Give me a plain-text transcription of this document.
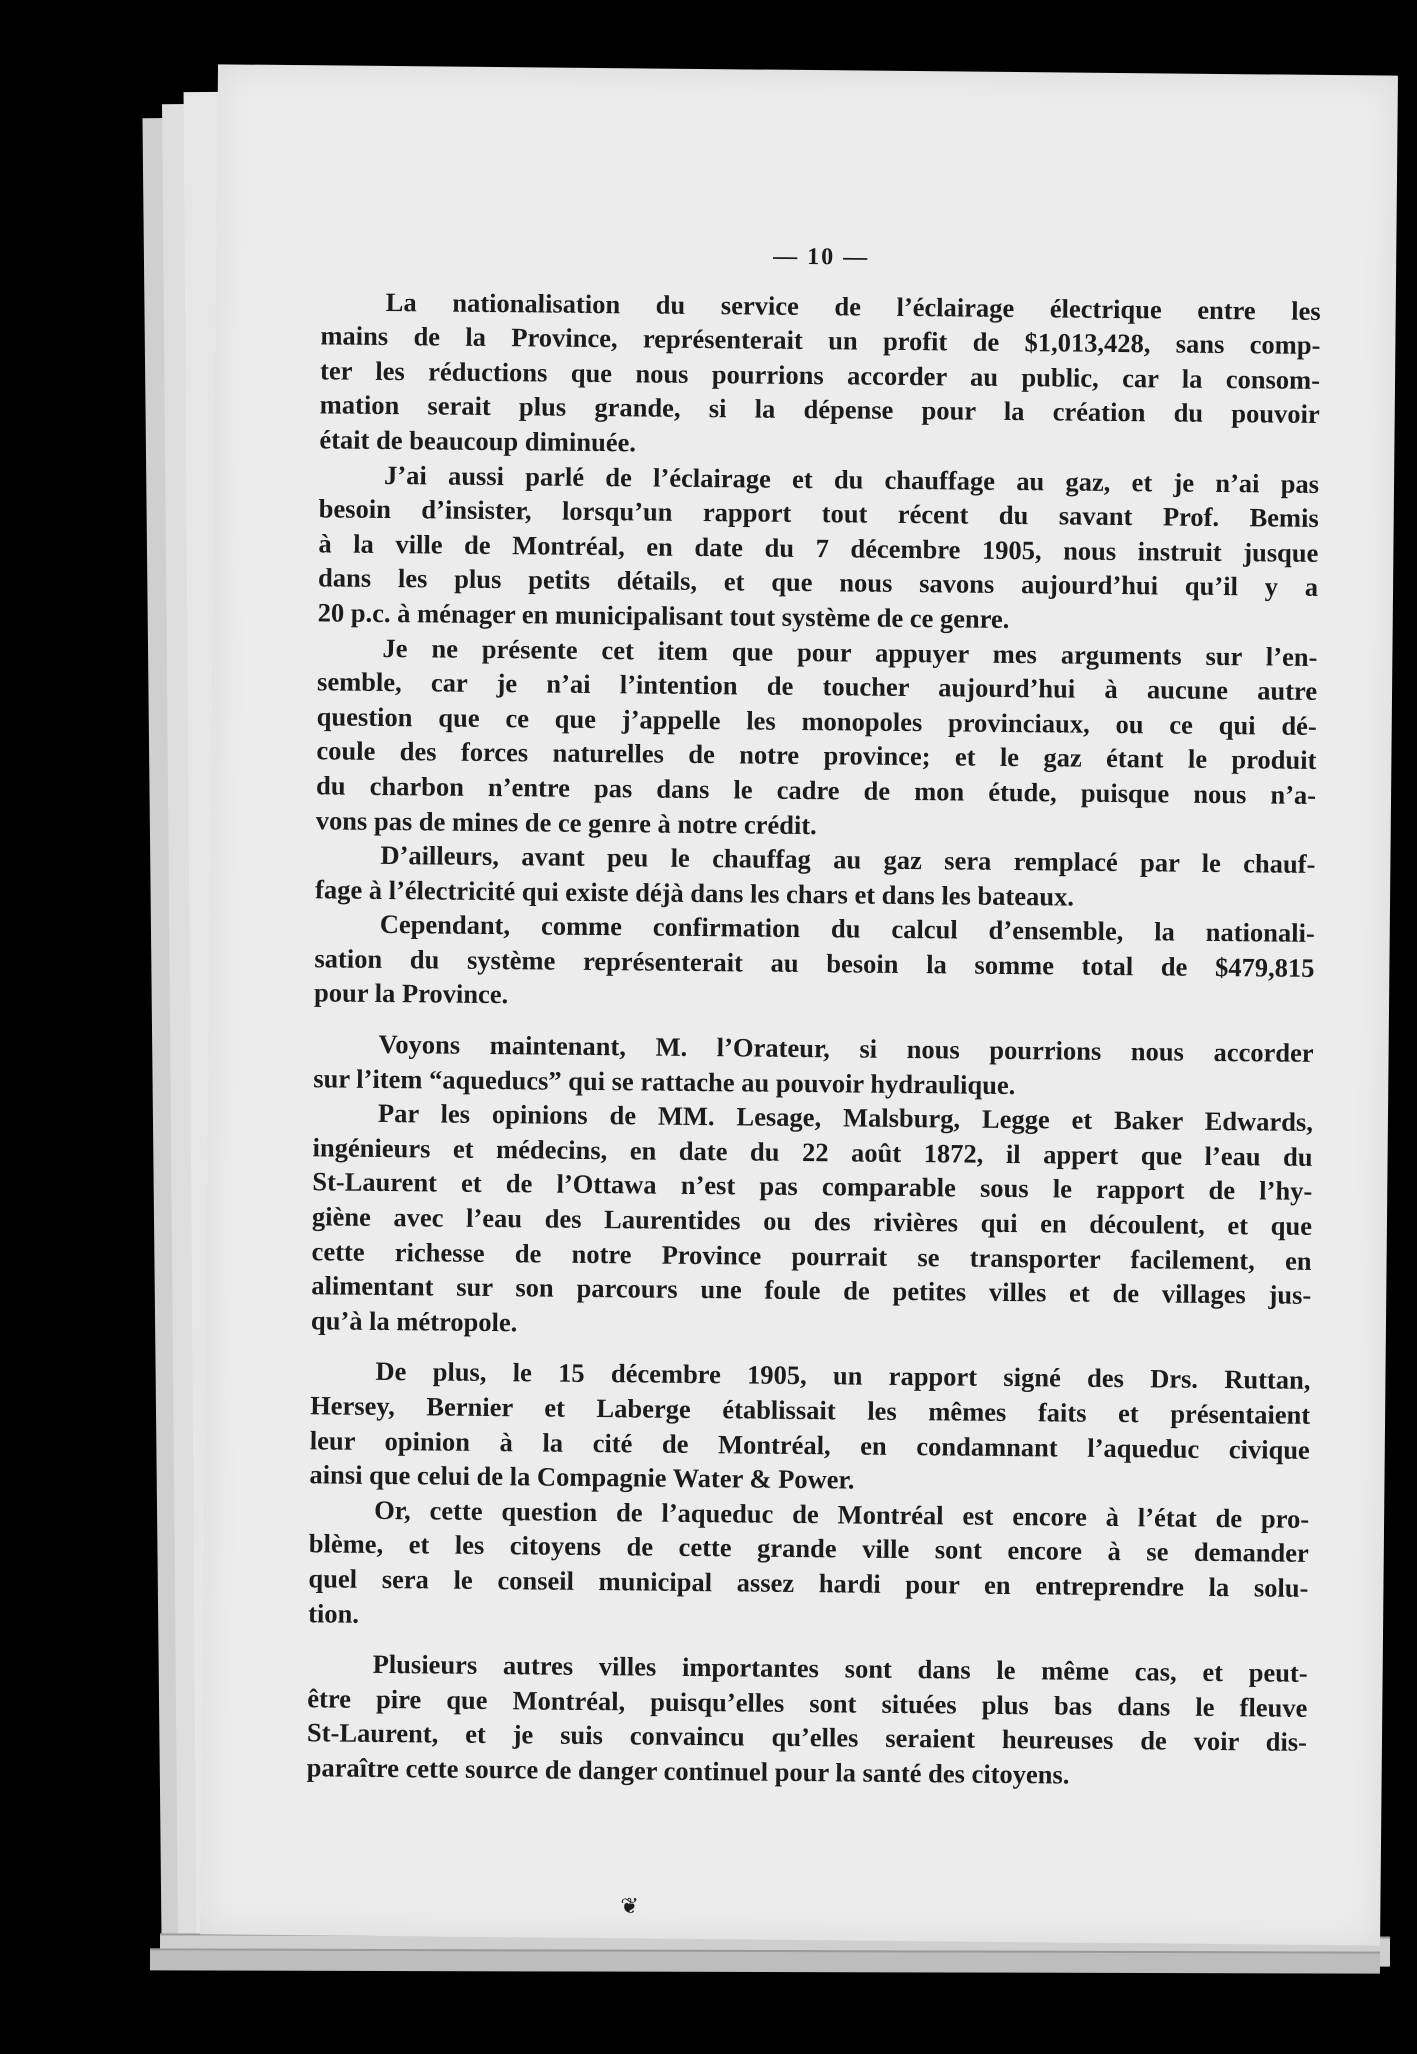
— 10 —

La nationalisation du service de l’éclairage électrique entre les
mains de la Province, représenterait un profit de $1,013,428, sans comp-
ter les réductions que nous pourrions accorder au public, car la consom-
mation serait plus grande, si la dépense pour la création du pouvoir
était de beaucoup diminuée.

J’ai aussi parlé de l’éclairage et du chauffage au gaz, et je n’ai pas
besoin d’insister, lorsqu’un rapport tout récent du savant Prof. Bemis
à la ville de Montréal, en date du 7 décembre 1905, nous instruit jusque
dans les plus petits détails, et que nous savons aujourd’hui qu’il y a
20 p.c. à ménager en municipalisant tout système de ce genre.

Je ne présente cet item que pour appuyer mes arguments sur l’en-
semble, car je n’ai l’intention de toucher aujourd’hui à aucune autre
question que ce que j’appelle les monopoles provinciaux, ou ce qui dé-
coule des forces naturelles de notre province; et le gaz étant le produit
du charbon n’entre pas dans le cadre de mon étude, puisque nous n’a-
vons pas de mines de ce genre à notre crédit.

D’ailleurs, avant peu le chauffag au gaz sera remplacé par le chauf-
fage à l’électricité qui existe déjà dans les chars et dans les bateaux.

Cependant, comme confirmation du calcul d’ensemble, la nationali-
sation du système représenterait au besoin la somme total de $479,815
pour la Province.

Voyons maintenant, M. l’Orateur, si nous pourrions nous accorder
sur l’item “aqueducs” qui se rattache au pouvoir hydraulique.

Par les opinions de MM. Lesage, Malsburg, Legge et Baker Edwards,
ingénieurs et médecins, en date du 22 août 1872, il appert que l’eau du
St-Laurent et de l’Ottawa n’est pas comparable sous le rapport de l’hy-
giène avec l’eau des Laurentides ou des rivières qui en découlent, et que
cette richesse de notre Province pourrait se transporter facilement, en
alimentant sur son parcours une foule de petites villes et de villages jus-
qu’à la métropole.

De plus, le 15 décembre 1905, un rapport signé des Drs. Ruttan,
Hersey, Bernier et Laberge établissait les mêmes faits et présentaient
leur opinion à la cité de Montréal, en condamnant l’aqueduc civique
ainsi que celui de la Compagnie Water & Power.

Or, cette question de l’aqueduc de Montréal est encore à l’état de pro-
blème, et les citoyens de cette grande ville sont encore à se demander
quel sera le conseil municipal assez hardi pour en entreprendre la solu-
tion.

Plusieurs autres villes importantes sont dans le même cas, et peut-
être pire que Montréal, puisqu’elles sont situées plus bas dans le fleuve
St-Laurent, et je suis convaincu qu’elles seraient heureuses de voir dis-
paraître cette source de danger continuel pour la santé des citoyens.

❦
